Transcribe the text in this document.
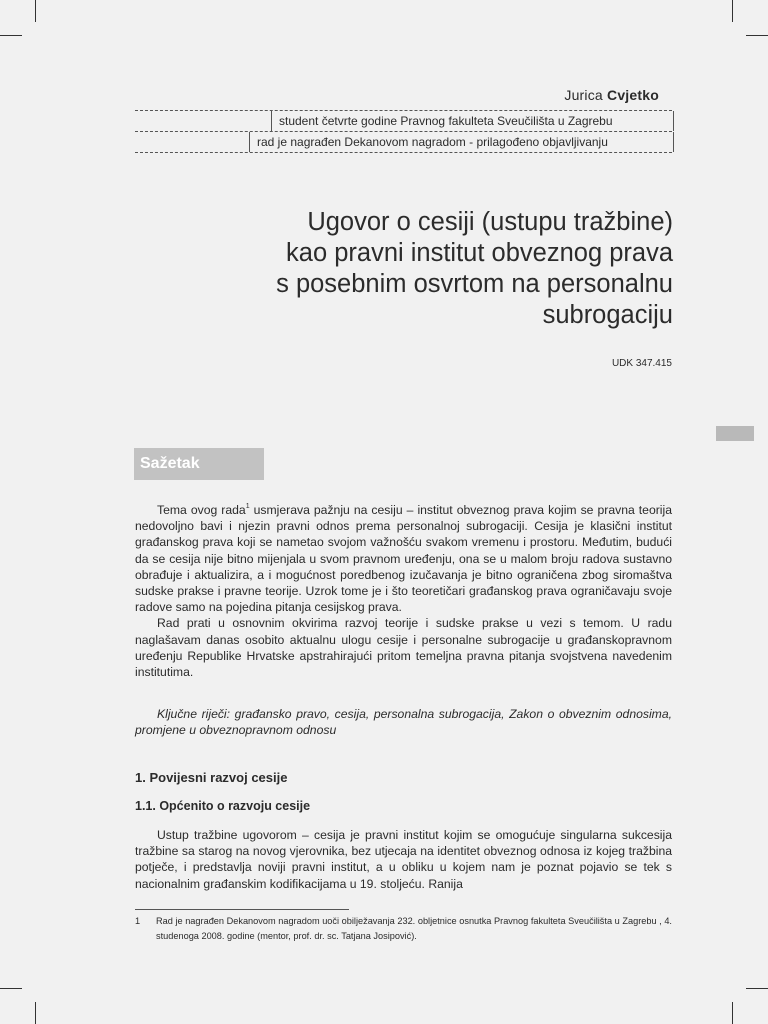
Jurica Cvjetko
student četvrte godine Pravnog fakulteta Sveučilišta u Zagrebu
rad je nagrađen Dekanovom nagradom - prilagođeno objavljivanju
Ugovor o cesiji (ustupu tražbine)
kao pravni institut obveznog prava
s posebnim osvrtom na personalnu
subrogaciju
UDK 347.415
Sažetak

Tema ovog rada$^1$ usmjerava pažnju na cesiju – institut obveznog prava kojim se pravna teorija nedovoljno bavi i njezin pravni odnos prema personalnoj subrogaciji. Cesija je klasični institut građanskog prava koji se nametao svojom važnošću svakom vremenu i prostoru. Međutim, budući da se cesija nije bitno mijenjala u svom pravnom uređenju, ona se u malom broju radova sustavno obrađuje i aktualizira, a i mogućnost poredbenog izučavanja je bitno ograničena zbog siromaštva sudske prakse i pravne teorije. Uzrok tome je i što teoretičari građanskog prava ograničavaju svoje radove samo na pojedina pitanja cesijskog prava.

Rad prati u osnovnim okvirima razvoj teorije i sudske prakse u vezi s temom. U radu naglašavam danas osobito aktualnu ulogu cesije i personalne subrogacije u građanskopravnom uređenju Republike Hrvatske apstrahirajući pritom temeljna pravna pitanja svojstvena navedenim institutima.

Ključne riječi: građansko pravo, cesija, personalna subrogacija, Zakon o obveznim odnosima, promjene u obveznopravnom odnosu

1. Povijesni razvoj cesije
1.1. Općenito o razvoju cesije

Ustup tražbine ugovorom – cesija je pravni institut kojim se omogućuje singularna sukcesija tražbine sa starog na novog vjerovnika, bez utjecaja na identitet obveznog odnosa iz kojeg tražbina potječe, i predstavlja noviji pravni institut, a u obliku u kojem nam je poznat pojavio se tek s nacionalnim građanskim kodifikacijama u 19. stoljeću. Ranija

1 Rad je nagrađen Dekanovom nagradom uoči obilježavanja 232. obljetnice osnutka Pravnog fakulteta Sveučilišta u Zagrebu , 4. studenoga 2008. godine (mentor, prof. dr. sc. Tatjana Josipović).
